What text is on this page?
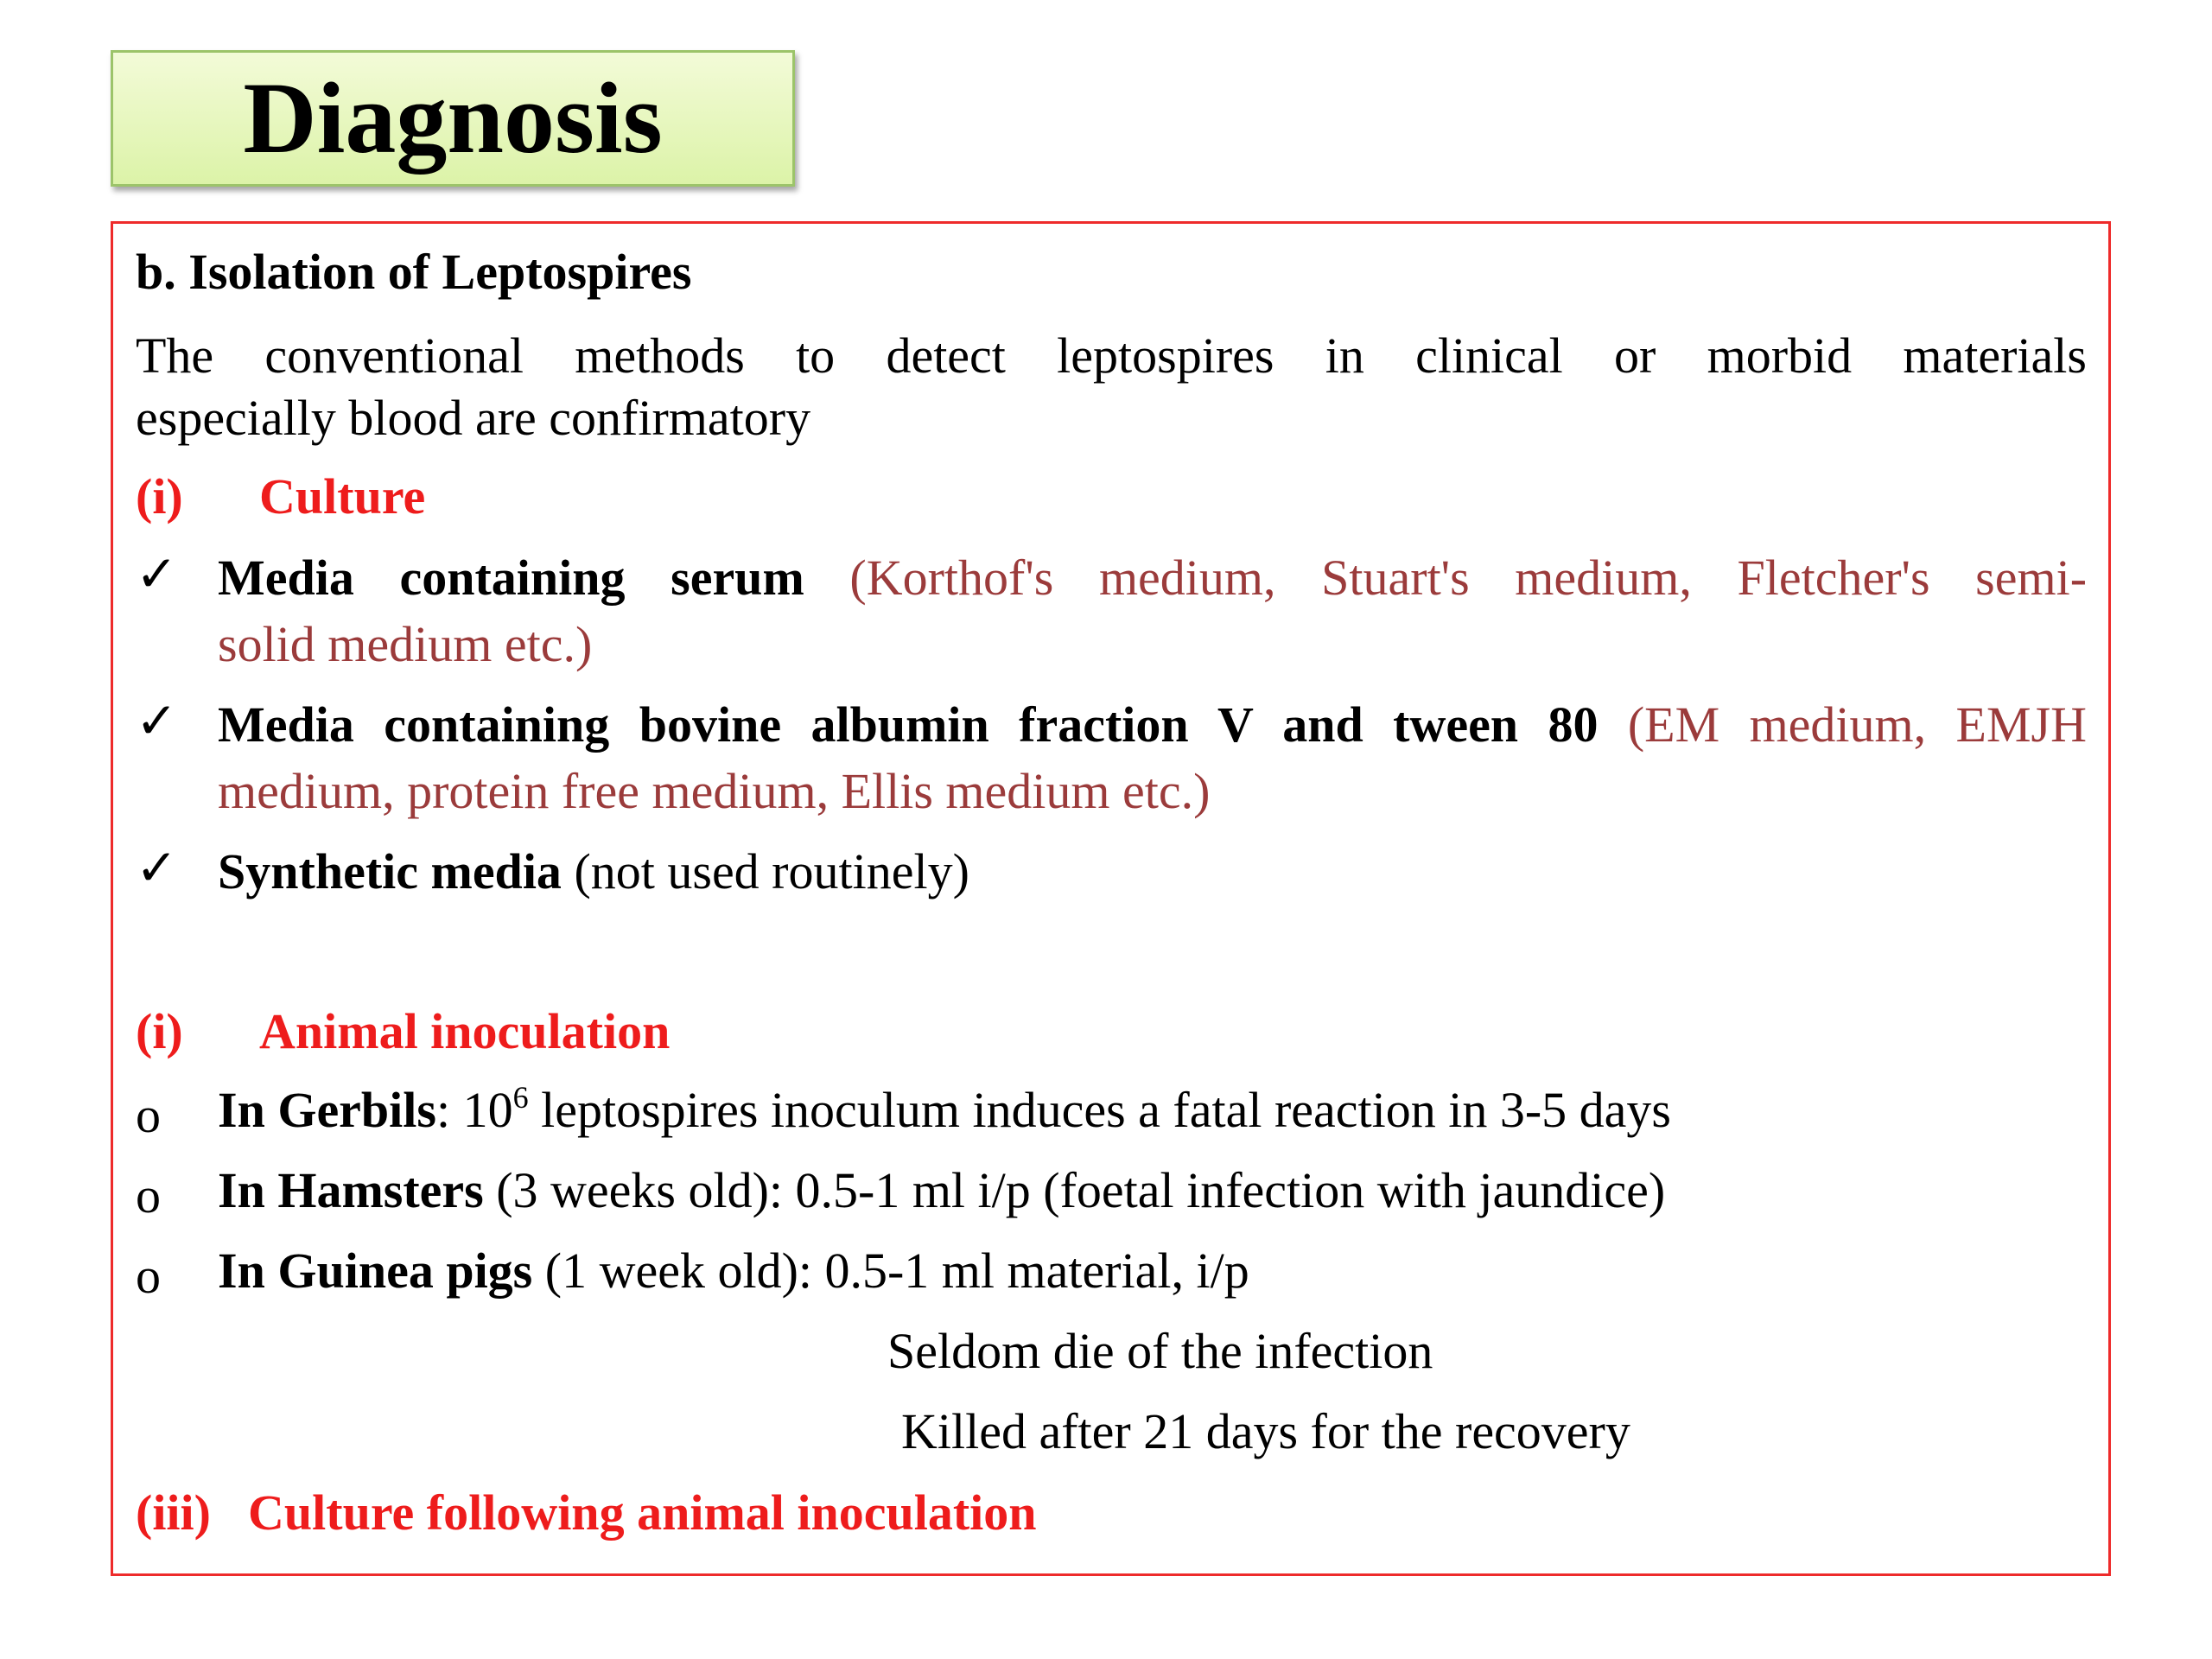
Diagnosis
b. Isolation of Leptospires
The conventional methods to detect leptospires in clinical or morbid materials
especially blood are confirmatory
(i) Culture
✓ Media containing serum (Korthof's medium, Stuart's medium, Fletcher's semi-
solid medium etc.)
✓ Media containing bovine albumin fraction V and tween 80 (EM medium, EMJH
medium, protein free medium, Ellis medium etc.)
✓ Synthetic media (not used routinely)
(i) Animal inoculation
o In Gerbils: $10^6$ leptospires inoculum induces a fatal reaction in 3-5 days
o In Hamsters (3 weeks old): 0.5-1 ml i/p (foetal infection with jaundice)
o In Guinea pigs (1 week old): 0.5-1 ml material, i/p
Seldom die of the infection
Killed after 21 days for the recovery
(iii) Culture following animal inoculation
